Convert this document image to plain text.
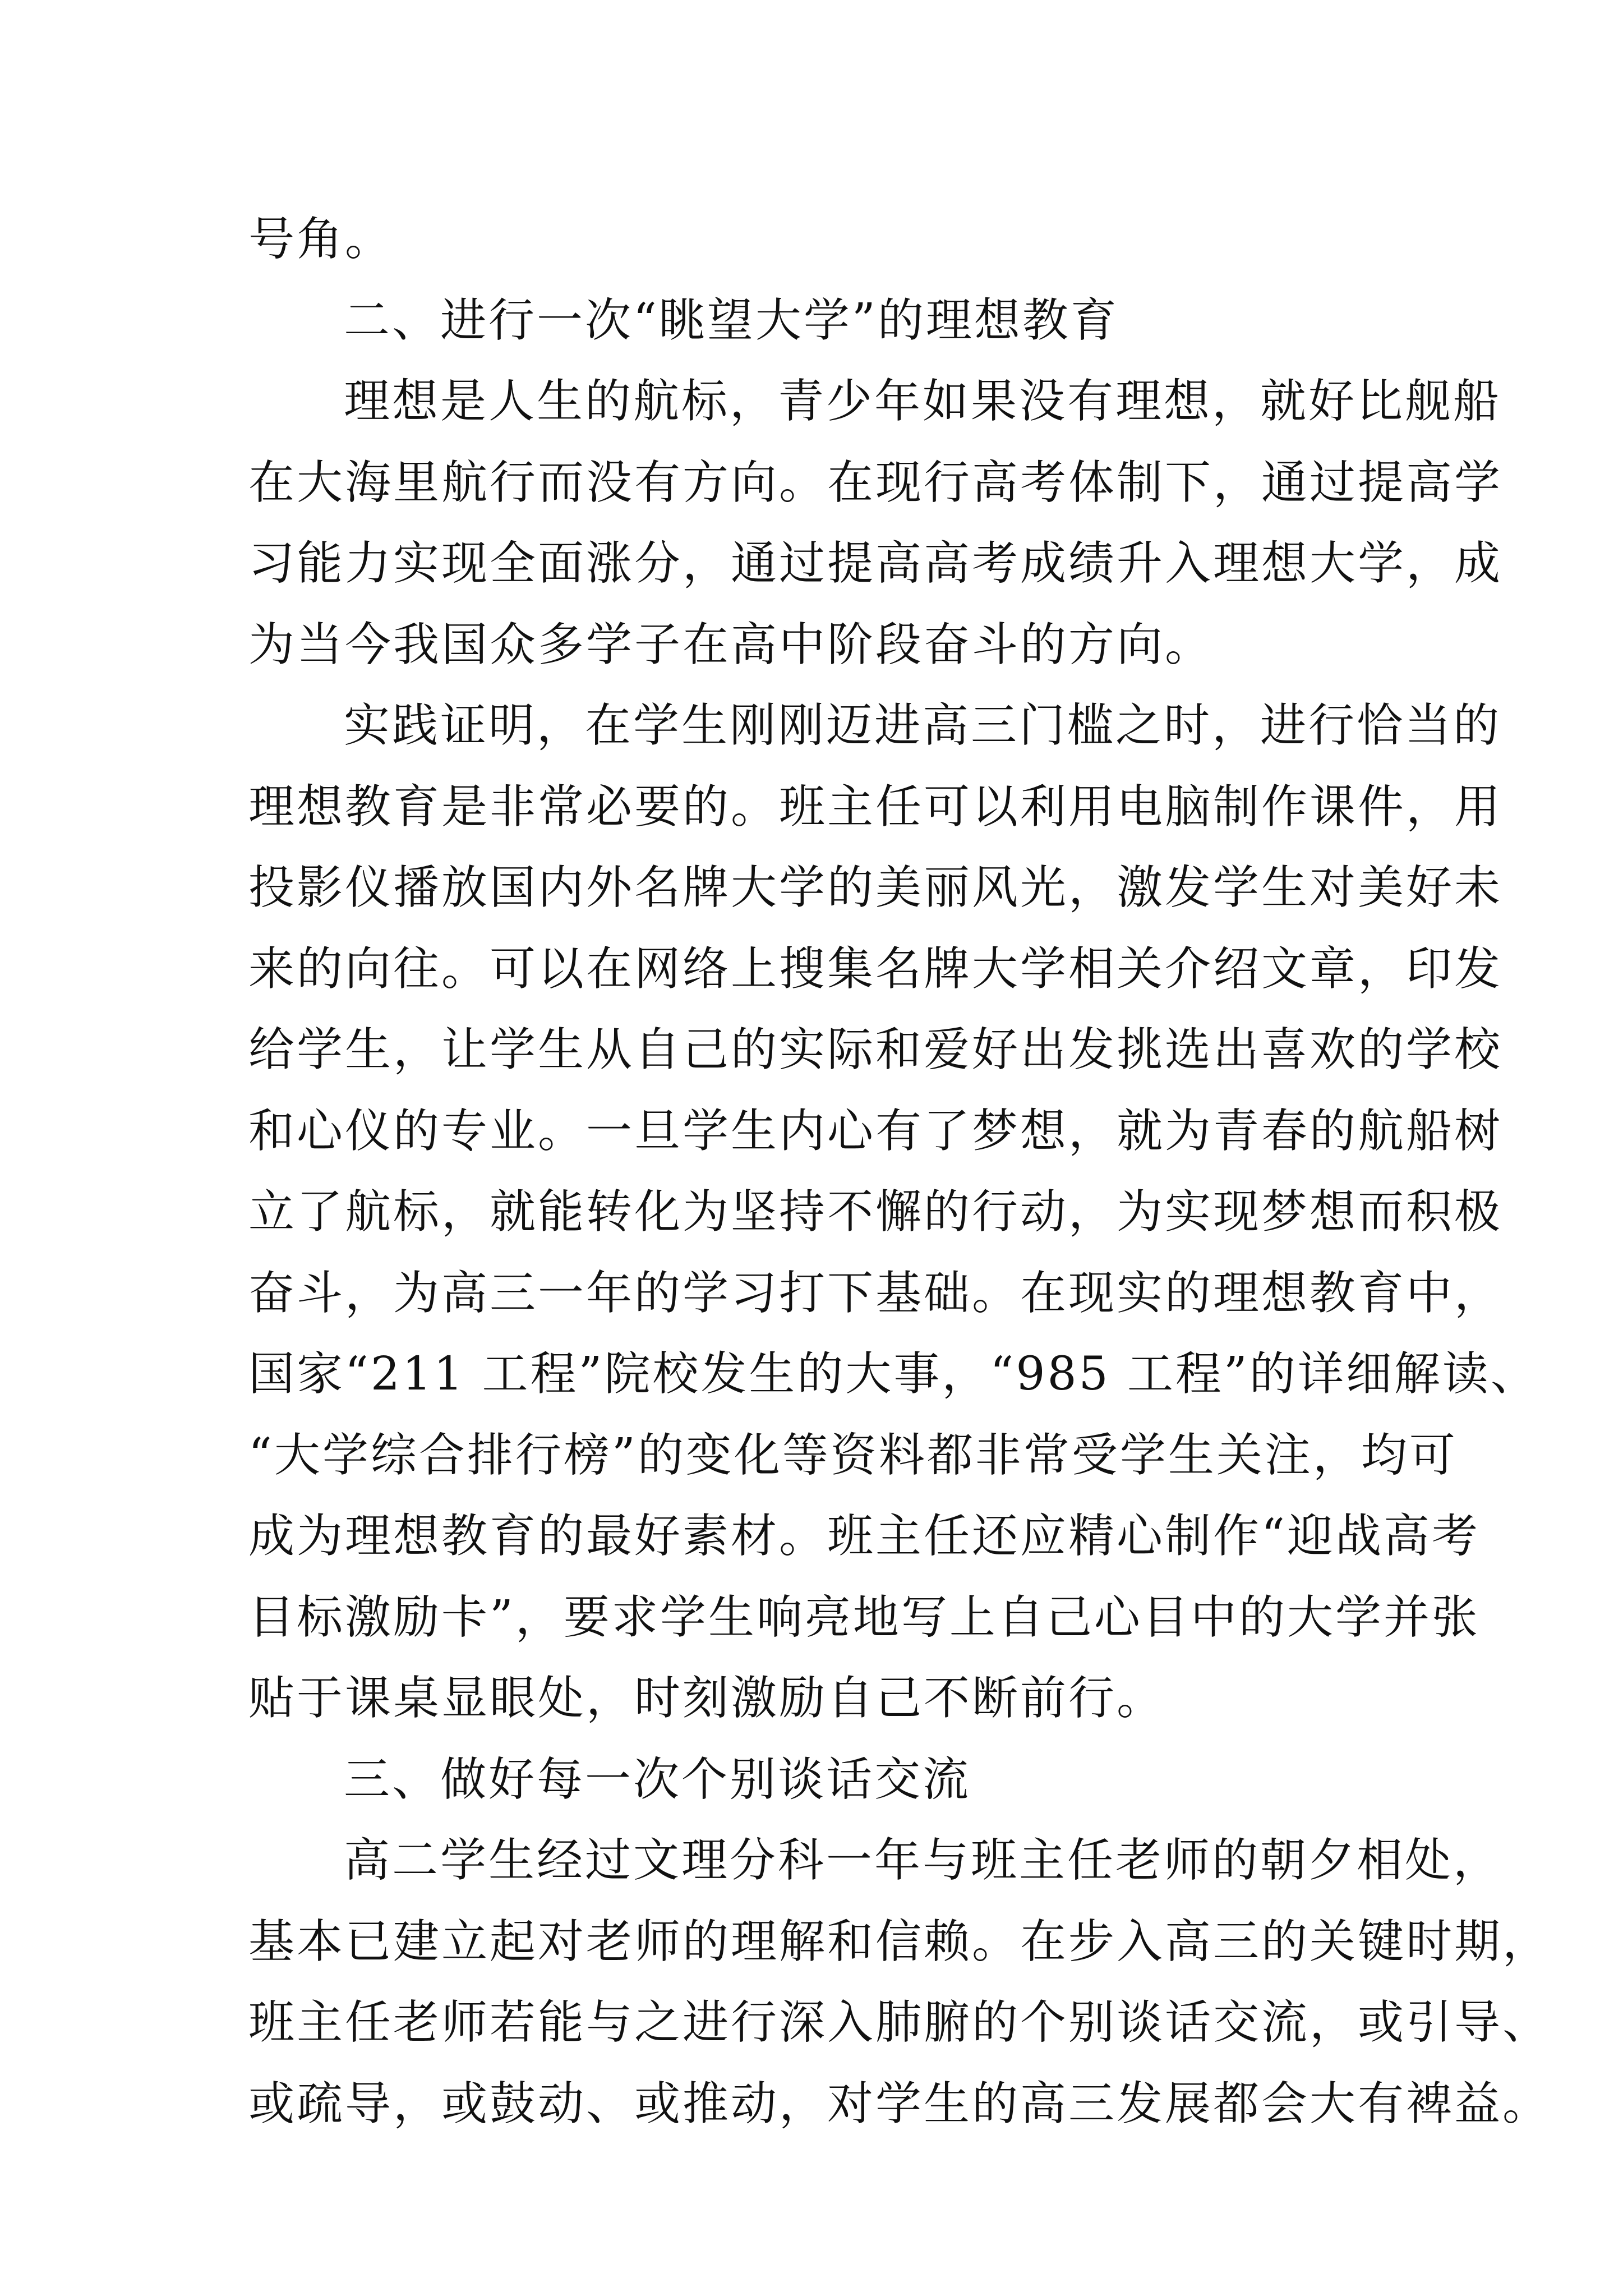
号角。
二、进行一次“眺望大学”的理想教育
理想是人生的航标，青少年如果没有理想，就好比舰船
在大海里航行而没有方向。在现行高考体制下，通过提高学
习能力实现全面涨分，通过提高高考成绩升入理想大学，成
为当今我国众多学子在高中阶段奋斗的方向。
实践证明，在学生刚刚迈进高三门槛之时，进行恰当的
理想教育是非常必要的。班主任可以利用电脑制作课件，用
投影仪播放国内外名牌大学的美丽风光，激发学生对美好未
来的向往。可以在网络上搜集名牌大学相关介绍文章，印发
给学生，让学生从自己的实际和爱好出发挑选出喜欢的学校
和心仪的专业。一旦学生内心有了梦想，就为青春的航船树
立了航标，就能转化为坚持不懈的行动，为实现梦想而积极
奋斗，为高三一年的学习打下基础。在现实的理想教育中，
国家“211 工程”院校发生的大事，“985 工程”的详细解读、
“大学综合排行榜”的变化等资料都非常受学生关注，均可
成为理想教育的最好素材。班主任还应精心制作“迎战高考
目标激励卡”，要求学生响亮地写上自己心目中的大学并张
贴于课桌显眼处，时刻激励自己不断前行。
三、做好每一次个别谈话交流
高二学生经过文理分科一年与班主任老师的朝夕相处，
基本已建立起对老师的理解和信赖。在步入高三的关键时期，
班主任老师若能与之进行深入肺腑的个别谈话交流，或引导、
或疏导，或鼓动、或推动，对学生的高三发展都会大有裨益。
